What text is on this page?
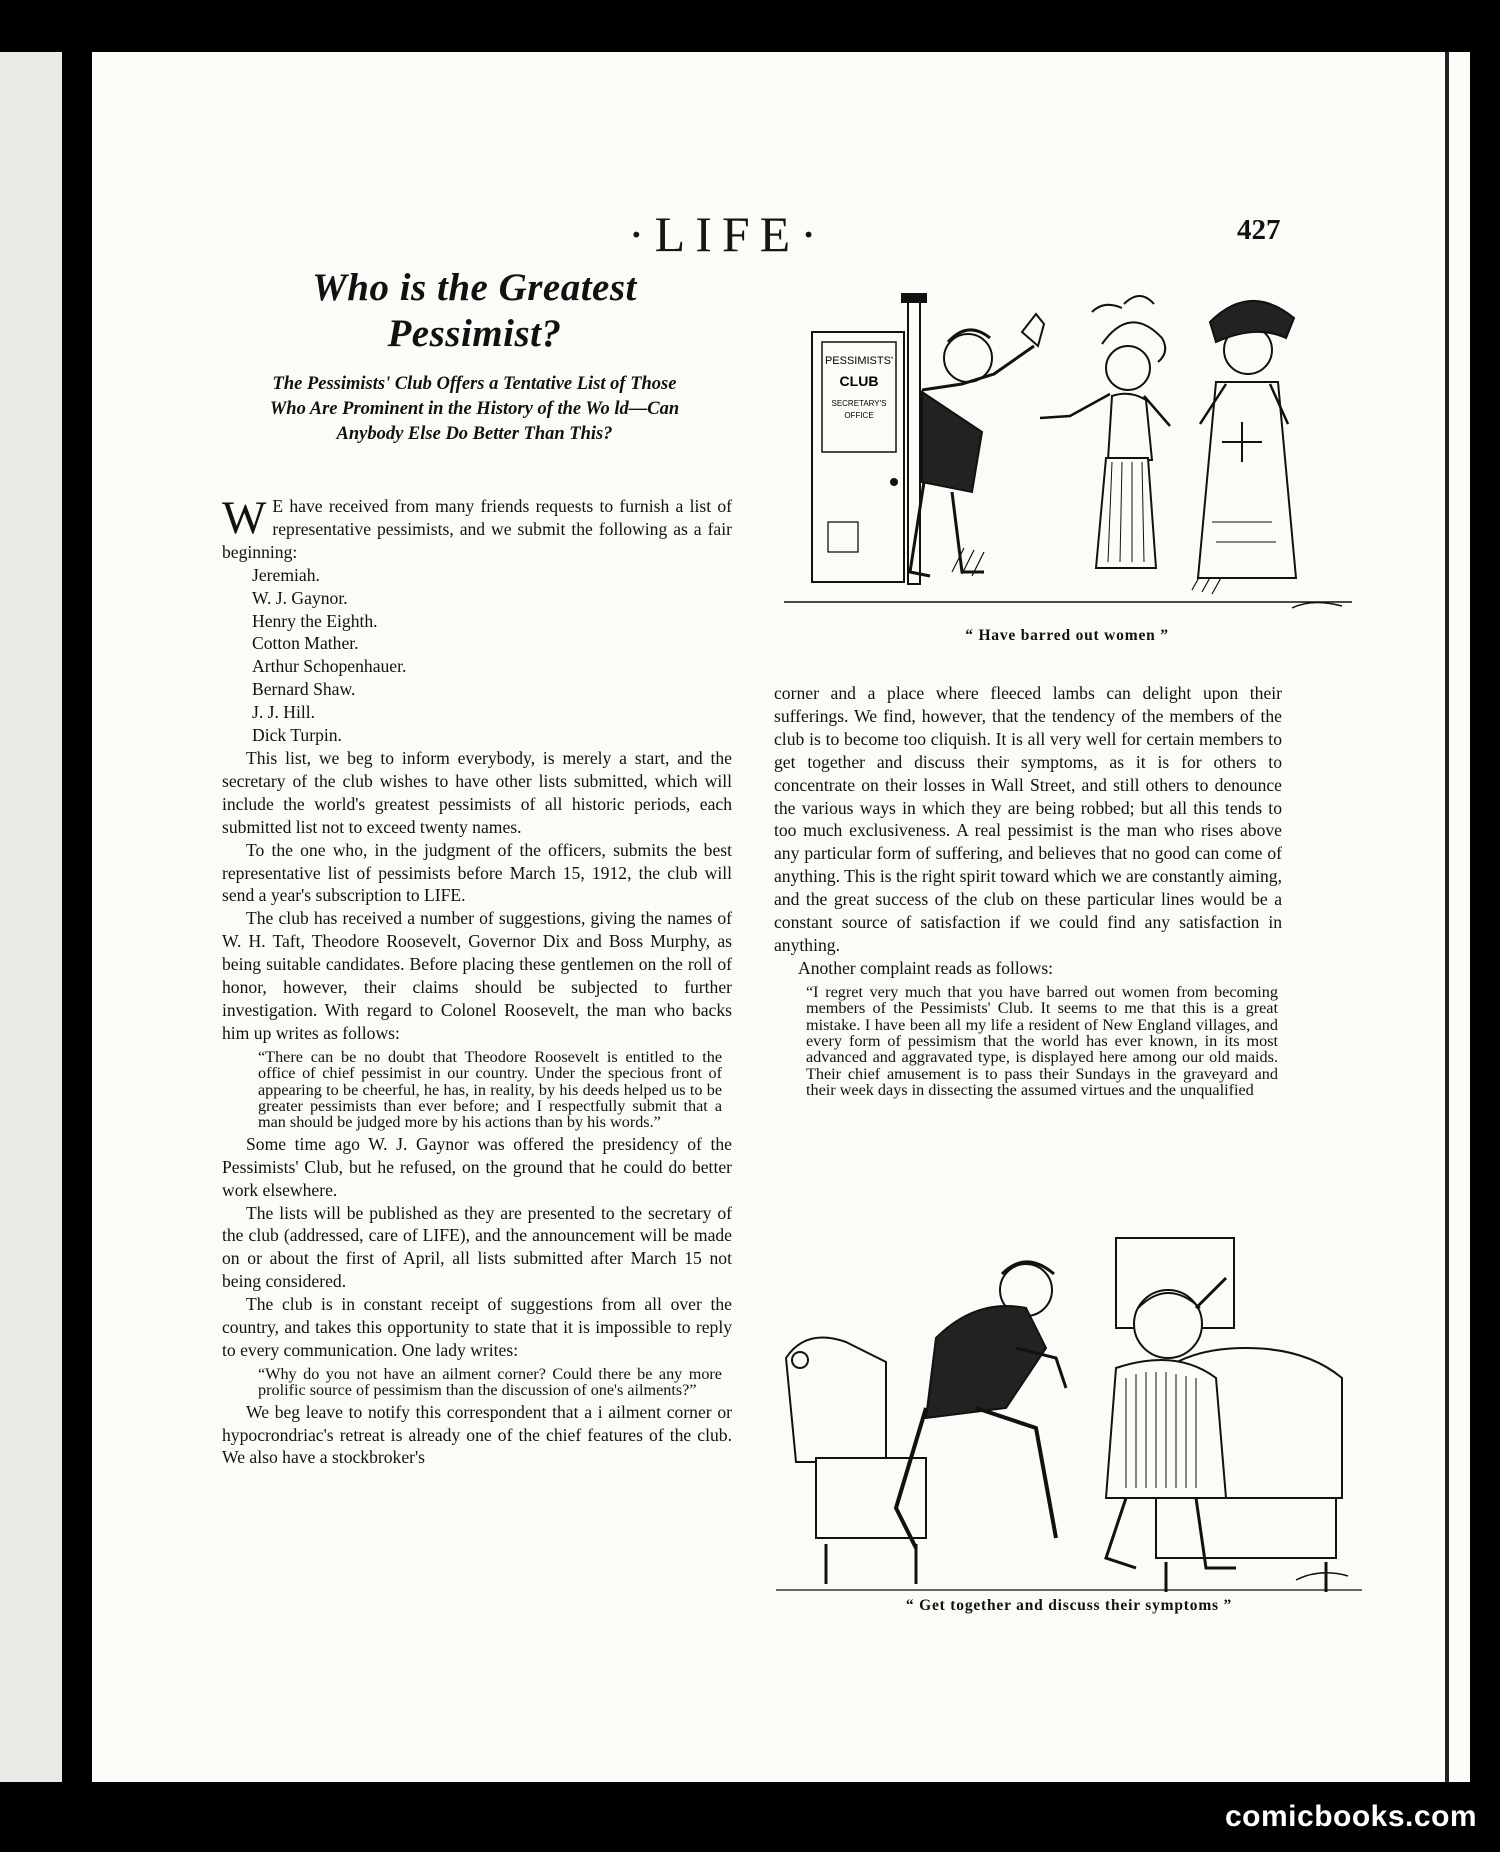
·LIFE·	427
Who is the Greatest
Pessimist?
The Pessimists' Club Offers a Tentative List of Those Who Are Prominent in the History of the Wo ld—Can Anybody Else Do Better Than This?

W E have received from many friends requests to furnish a list of representative pessimists, and we submit the following as a fair beginning:

Jeremiah.
W. J. Gaynor.
Henry the Eighth.
Cotton Mather.
Arthur Schopenhauer.
Bernard Shaw.
J. J. Hill.
Dick Turpin.

This list, we beg to inform everybody, is merely a start, and the secretary of the club wishes to have other lists submitted, which will include the world's greatest pessimists of all historic periods, each submitted list not to exceed twenty names.

To the one who, in the judgment of the officers, submits the best representative list of pessimists before March 15, 1912, the club will send a year's subscription to LIFE.

The club has received a number of suggestions, giving the names of W. H. Taft, Theodore Roosevelt, Governor Dix and Boss Murphy, as being suitable candidates. Before placing these gentlemen on the roll of honor, however, their claims should be subjected to further investigation. With regard to Colonel Roosevelt, the man who backs him up writes as follows:

“There can be no doubt that Theodore Roosevelt is entitled to the office of chief pessimist in our country. Under the specious front of appearing to be cheerful, he has, in reality, by his deeds helped us to be greater pessimists than ever before; and I respectfully submit that a man should be judged more by his actions than by his words.”

Some time ago W. J. Gaynor was offered the presidency of the Pessimists' Club, but he refused, on the ground that he could do better work elsewhere.

The lists will be published as they are presented to the secretary of the club (addressed, care of LIFE), and the announcement will be made on or about the first of April, all lists submitted after March 15 not being considered.

The club is in constant receipt of suggestions from all over the country, and takes this opportunity to state that it is impossible to reply to every communication. One lady writes:

“Why do you not have an ailment corner? Could there be any more prolific source of pessimism than the discussion of one's ailments?”

We beg leave to notify this correspondent that a i ailment corner or hypocrondriac's retreat is already one of the chief features of the club. We also have a stockbroker's

PESSIMISTS'
CLUB
SECRETARY'S
OFFICE
“ Have barred out women ”

corner and a place where fleeced lambs can delight upon their sufferings. We find, however, that the tendency of the members of the club is to become too cliquish. It is all very well for certain members to get together and discuss their symptoms, as it is for others to concentrate on their losses in Wall Street, and still others to denounce the various ways in which they are being robbed; but all this tends to too much exclusiveness. A real pessimist is the man who rises above any particular form of suffering, and believes that no good can come of anything. This is the right spirit toward which we are constantly aiming, and the great success of the club on these particular lines would be a constant source of satisfaction if we could find any satisfaction in anything.

Another complaint reads as follows:

“I regret very much that you have barred out women from becoming members of the Pessimists' Club. It seems to me that this is a great mistake. I have been all my life a resident of New England villages, and every form of pessimism that the world has ever known, in its most advanced and aggravated type, is displayed here among our old maids. Their chief amusement is to pass their Sundays in the graveyard and their week days in dissecting the assumed virtues and the unqualified
“ Get together and discuss their symptoms ”
comicbooks.com
